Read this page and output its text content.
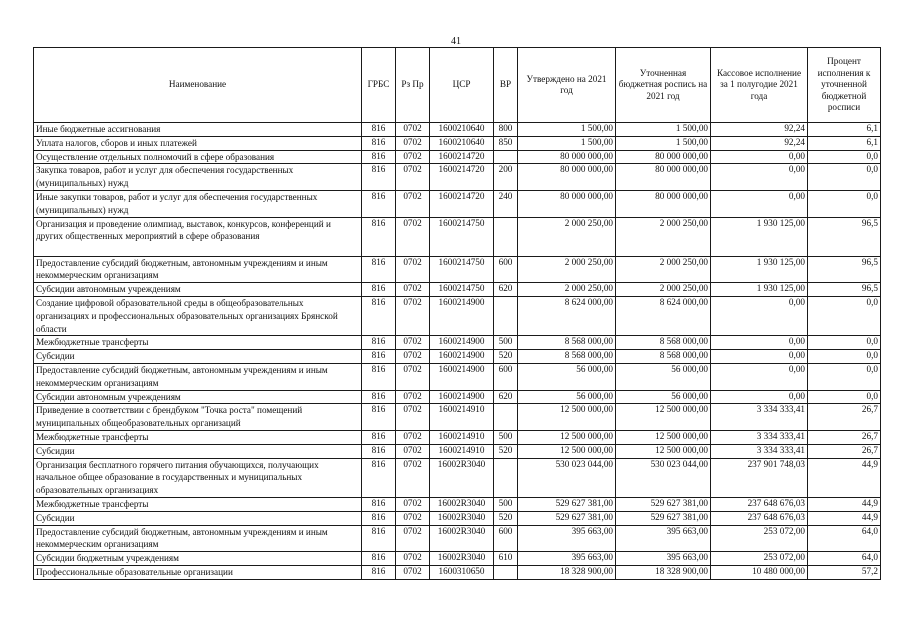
41
Наименование	ГРБС	Рз Пр	ЦСР	ВР	Утверждено на 2021 год	Уточненная бюджетная роспись на 2021 год	Кассовое исполнение за 1 полугодие 2021 года	Процент исполнения к уточненной бюджетной росписи
Иные бюджетные ассигнования	816	0702	1600210640	800	1 500,00	1 500,00	92,24	6,1
Уплата налогов, сборов и иных платежей	816	0702	1600210640	850	1 500,00	1 500,00	92,24	6,1
Осуществление отдельных полномочий в сфере образования	816	0702	1600214720		80 000 000,00	80 000 000,00	0,00	0,0
Закупка товаров, работ и услуг для обеспечения государственных (муниципальных) нужд	816	0702	1600214720	200	80 000 000,00	80 000 000,00	0,00	0,0
Иные закупки товаров, работ и услуг для обеспечения государственных (муниципальных) нужд	816	0702	1600214720	240	80 000 000,00	80 000 000,00	0,00	0,0
Организация и проведение олимпиад, выставок, конкурсов, конференций и других общественных мероприятий в сфере образования	816	0702	1600214750		2 000 250,00	2 000 250,00	1 930 125,00	96,5
Предоставление субсидий бюджетным, автономным учреждениям и иным некоммерческим организациям	816	0702	1600214750	600	2 000 250,00	2 000 250,00	1 930 125,00	96,5
Субсидии автономным учреждениям	816	0702	1600214750	620	2 000 250,00	2 000 250,00	1 930 125,00	96,5
Создание цифровой образовательной среды в общеобразовательных организациях и профессиональных образовательных организациях Брянской области	816	0702	1600214900		8 624 000,00	8 624 000,00	0,00	0,0
Межбюджетные трансферты	816	0702	1600214900	500	8 568 000,00	8 568 000,00	0,00	0,0
Субсидии	816	0702	1600214900	520	8 568 000,00	8 568 000,00	0,00	0,0
Предоставление субсидий бюджетным, автономным учреждениям и иным некоммерческим организациям	816	0702	1600214900	600	56 000,00	56 000,00	0,00	0,0
Субсидии автономным учреждениям	816	0702	1600214900	620	56 000,00	56 000,00	0,00	0,0
Приведение в соответствии с брендбуком "Точка роста" помещений муниципальных общеобразовательных организаций	816	0702	1600214910		12 500 000,00	12 500 000,00	3 334 333,41	26,7
Межбюджетные трансферты	816	0702	1600214910	500	12 500 000,00	12 500 000,00	3 334 333,41	26,7
Субсидии	816	0702	1600214910	520	12 500 000,00	12 500 000,00	3 334 333,41	26,7
Организация бесплатного горячего питания обучающихся, получающих начальное общее образование в государственных и муниципальных образовательных организациях	816	0702	16002R3040		530 023 044,00	530 023 044,00	237 901 748,03	44,9
Межбюджетные трансферты	816	0702	16002R3040	500	529 627 381,00	529 627 381,00	237 648 676,03	44,9
Субсидии	816	0702	16002R3040	520	529 627 381,00	529 627 381,00	237 648 676,03	44,9
Предоставление субсидий бюджетным, автономным учреждениям и иным некоммерческим организациям	816	0702	16002R3040	600	395 663,00	395 663,00	253 072,00	64,0
Субсидии бюджетным учреждениям	816	0702	16002R3040	610	395 663,00	395 663,00	253 072,00	64,0
Профессиональные образовательные организации	816	0702	1600310650		18 328 900,00	18 328 900,00	10 480 000,00	57,2
